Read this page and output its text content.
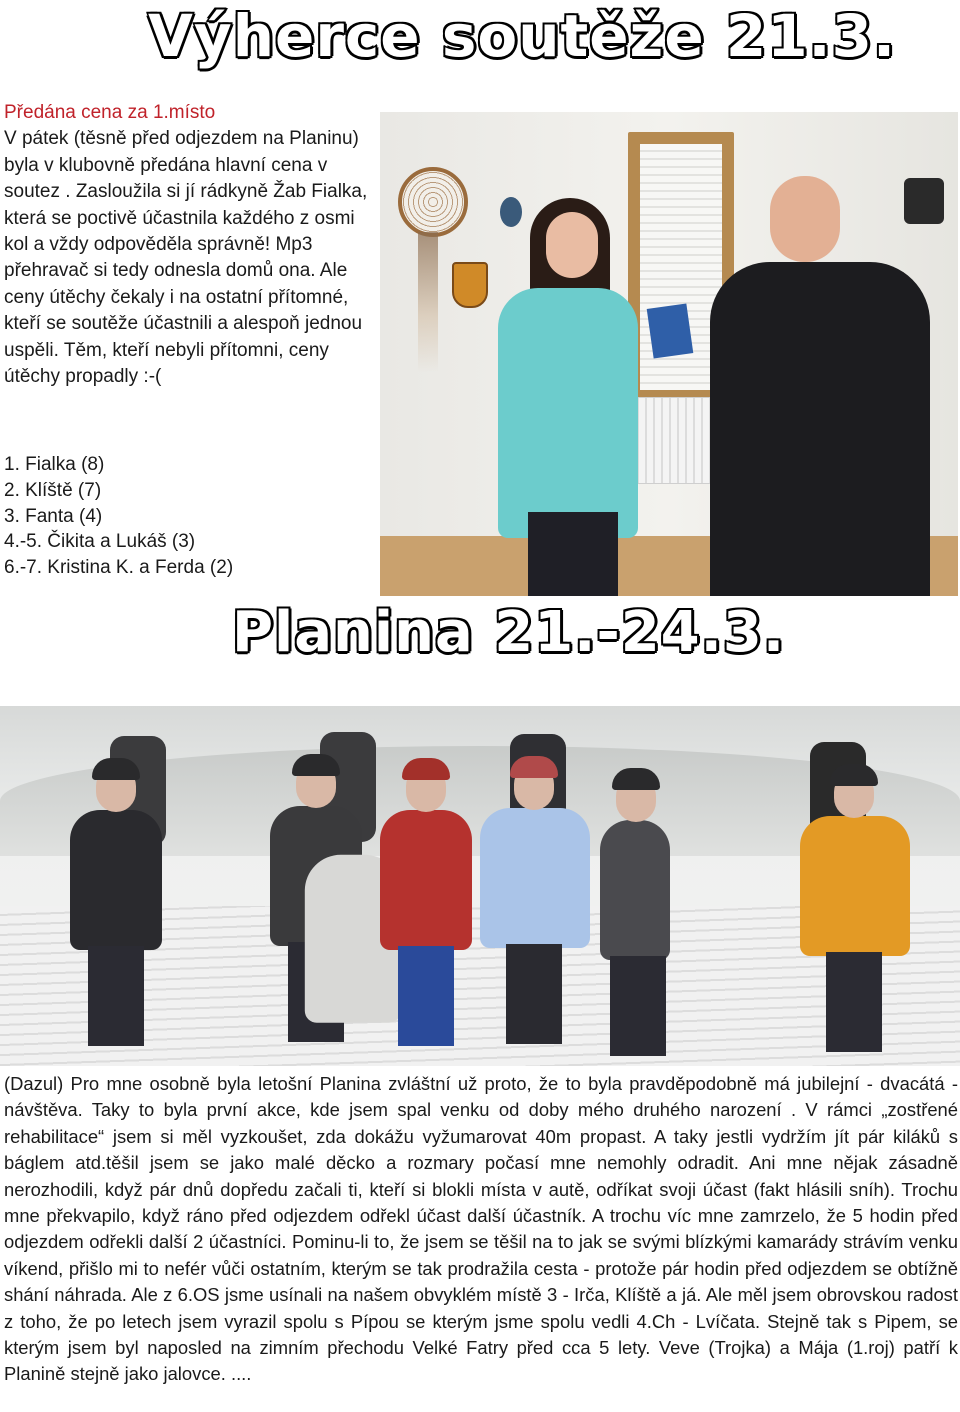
Výherce soutěže 21.3.
Předána cena za 1.místo
V pátek (těsně před odjezdem na Planinu) byla v klubovně předána hlavní cena v soutez . Zasloužila si jí rádkyně Žab Fialka, která se poctivě účastnila každého z osmi kol a vždy odpověděla správně! Mp3 přehravač si tedy odnesla domů ona. Ale ceny útěchy čekaly i na ostatní přítomné, kteří se soutěže účastnili a alespoň jednou uspěli. Těm, kteří nebyli přítomni, ceny útěchy propadly :-(
1. Fialka (8)
2. Klíště (7)
3. Fanta (4)
4.-5. Čikita a Lukáš (3)
6.-7. Kristina K. a Ferda (2)
Planina 21.-24.3.
(Dazul) Pro mne osobně byla letošní Planina zvláštní už proto, že to byla pravděpodobně má jubilejní - dvacátá - návštěva. Taky to byla první akce, kde jsem spal venku od doby mého druhého narození . V rámci „zostřené rehabilitace“ jsem si měl vyzkoušet, zda dokážu vyžumarovat 40m propast. A taky jestli vydržím jít pár kiláků s báglem atd.těšil jsem se jako malé děcko a rozmary počasí mne nemohly odradit. Ani mne nějak zásadně nerozhodili, když pár dnů dopředu začali ti, kteří si blokli místa v autě, odříkat svoji účast (fakt hlásili sníh). Trochu mne překvapilo, když ráno před odjezdem odřekl účast další účastník. A trochu víc mne zamrzelo, že 5 hodin před odjezdem odřekli další 2 účastníci. Pominu-li to, že jsem se těšil na to jak se svými blízkými kamarády strávím venku víkend, přišlo mi to nefér vůči ostatním, kterým se tak prodražila cesta - protože pár hodin před odjezdem se obtížně shání náhrada. Ale z 6.OS jsme usínali na našem obvyklém místě 3 - Irča, Klíště a já. Ale měl jsem obrovskou radost z toho, že po letech jsem vyrazil spolu s Pípou se kterým jsme spolu vedli 4.Ch - Lvíčata. Stejně tak s Pipem, se kterým jsem byl naposled na zimním přechodu Velké Fatry před cca 5 lety. Veve (Trojka) a Mája (1.roj) patří k Planině stejně jako jalovce. ....
